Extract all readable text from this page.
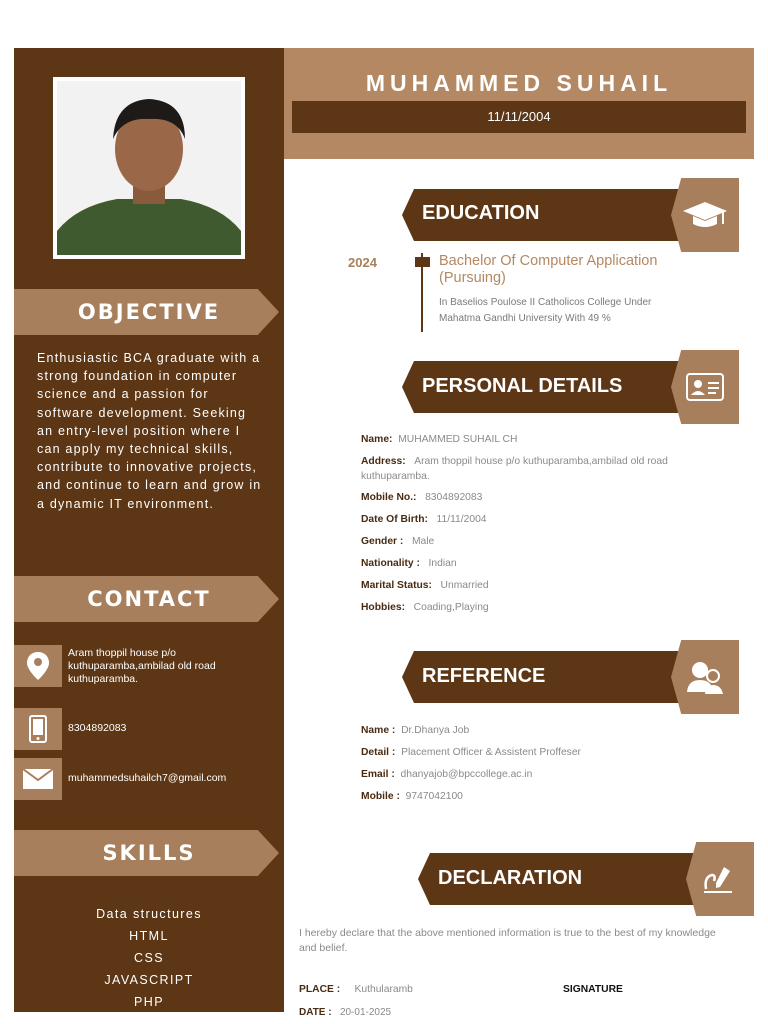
OBJECTIVE
Enthusiastic BCA graduate with a strong foundation in computer science and a passion for software development. Seeking an entry-level position where I can apply my technical skills, contribute to innovative projects, and continue to learn and grow in a dynamic IT environment.
CONTACT
Aram thoppil house p/o kuthuparamba,ambilad old road kuthuparamba.
8304892083
muhammedsuhailch7@gmail.com
SKILLS
Data structures
HTML
CSS
JAVASCRIPT
PHP
MUHAMMED SUHAIL
11/11/2004
EDUCATION
2024	Bachelor Of Computer Application (Pursuing)
In Baselios Poulose II Catholicos College Under Mahatma Gandhi University With 49 %
PERSONAL DETAILS
Name: MUHAMMED SUHAIL CH
Address: Aram thoppil house p/o kuthuparamba,ambilad old road kuthuparamba.
Mobile No.: 8304892083
Date Of Birth: 11/11/2004
Gender : Male
Nationality : Indian
Marital Status: Unmarried
Hobbies: Coading,Playing
REFERENCE
Name : Dr.Dhanya Job
Detail : Placement Officer & Assistent Proffeser
Email : dhanyajob@bpccollege.ac.in
Mobile : 9747042100
DECLARATION
I hereby declare that the above mentioned information is true to the best of my knowledge and belief.
PLACE : Kuthularamb	SIGNATURE
DATE : 20-01-2025
